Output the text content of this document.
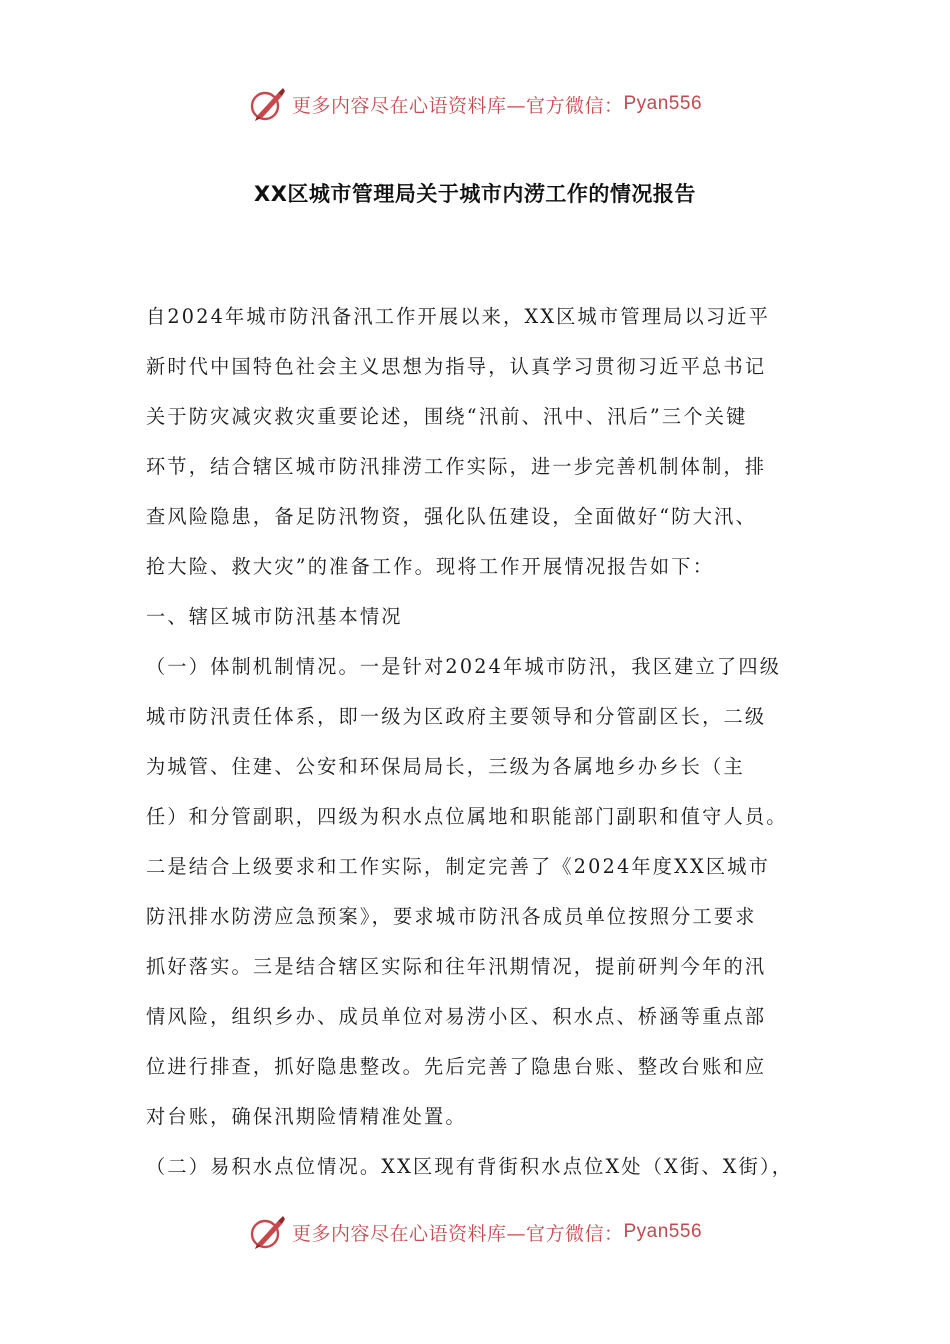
更多内容尽在心语资料库—官方微信： Pyan556
XX区城市管理局关于城市内涝工作的情况报告
自2024年城市防汛备汛工作开展以来，XX区城市管理局以习近平
新时代中国特色社会主义思想为指导，认真学习贯彻习近平总书记
关于防灾减灾救灾重要论述，围绕“汛前、汛中、汛后”三个关键
环节，结合辖区城市防汛排涝工作实际，进一步完善机制体制，排
查风险隐患，备足防汛物资，强化队伍建设，全面做好“防大汛、
抢大险、救大灾”的准备工作。现将工作开展情况报告如下：
一、辖区城市防汛基本情况
（一）体制机制情况。一是针对2024年城市防汛，我区建立了四级
城市防汛责任体系，即一级为区政府主要领导和分管副区长，二级
为城管、住建、公安和环保局局长，三级为各属地乡办乡长（主
任）和分管副职，四级为积水点位属地和职能部门副职和值守人员。
二是结合上级要求和工作实际，制定完善了《2024年度XX区城市
防汛排水防涝应急预案》，要求城市防汛各成员单位按照分工要求
抓好落实。三是结合辖区实际和往年汛期情况，提前研判今年的汛
情风险，组织乡办、成员单位对易涝小区、积水点、桥涵等重点部
位进行排查，抓好隐患整改。先后完善了隐患台账、整改台账和应
对台账，确保汛期险情精准处置。
（二）易积水点位情况。XX区现有背街积水点位X处（X街、X街），
更多内容尽在心语资料库—官方微信： Pyan556
